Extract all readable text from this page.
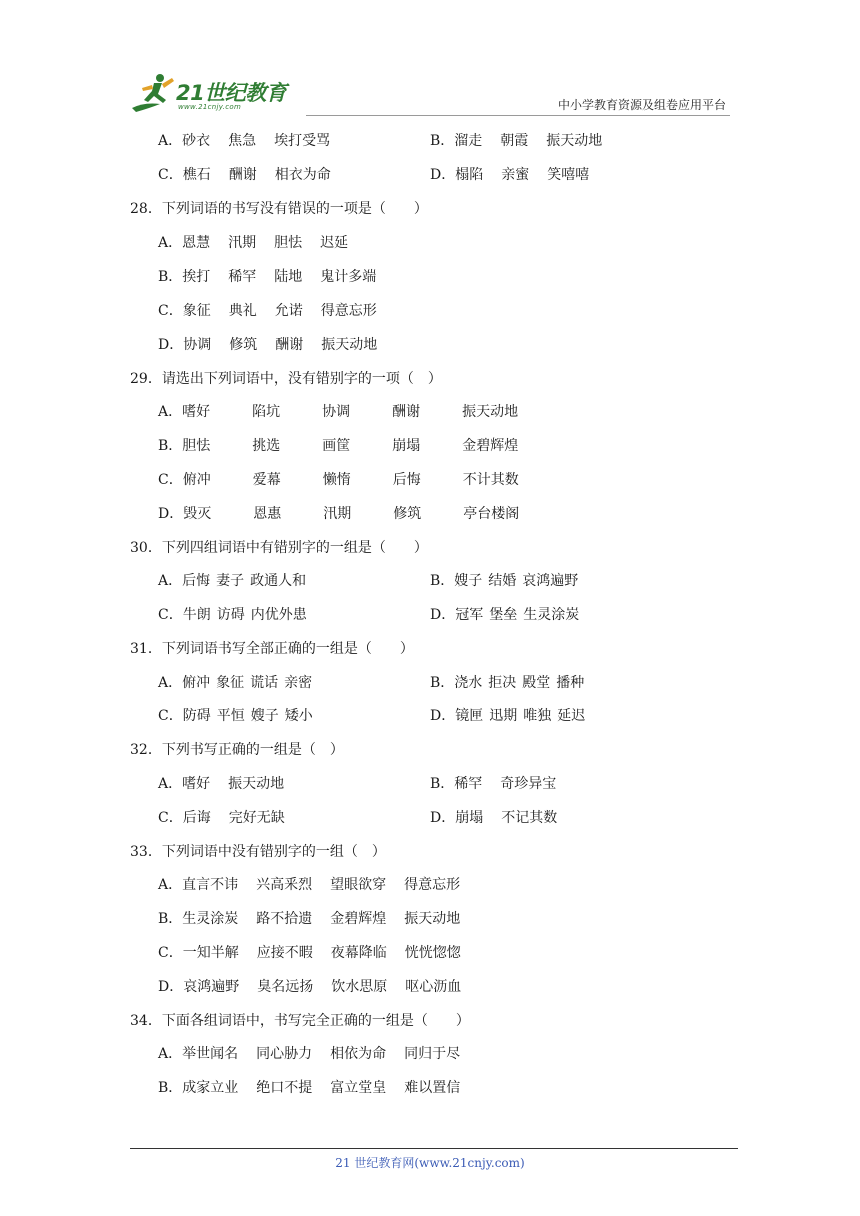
21世纪教育
www.21cnjy.com	中小学教育资源及组卷应用平台
A．砂衣 焦急 埃打受骂	B．溜走 朝霞 振天动地
C．樵石 酬谢 相衣为命	D．榻陷 亲蜜 笑嘻嘻
28．下列词语的书写没有错误的一项是（　　）
A．恩慧 汛期 胆怯 迟延
B．挨打 稀罕 陆地 鬼计多端
C．象征 典礼 允诺 得意忘形
D．协调 修筑 酬谢 振天动地
29．请选出下列词语中，没有错别字的一项（　）
A．嗜好	陷坑	协调	酬谢	振天动地
B．胆怯	挑选	画筐	崩塌	金碧辉煌
C．俯冲	爱幕	懒惰	后悔	不计其数
D．毁灭	恩惠	汛期	修筑	亭台楼阁
30．下列四组词语中有错别字的一组是（　　）
A．后悔 妻子 政通人和	B．嫂子 结婚 哀鸿遍野
C．牛朗 访碍 内优外患	D．冠军 堡垒 生灵涂炭
31．下列词语书写全部正确的一组是（　　）
A．俯冲 象征 谎话 亲密	B．浇水 拒决 殿堂 播种
C．防碍 平恒 嫂子 矮小	D．镜匣 迅期 唯独 延迟
32．下列书写正确的一组是（　）
A．嗜好 振天动地	B．稀罕 奇珍异宝
C．后诲 完好无缺	D．崩塌 不记其数
33．下列词语中没有错别字的一组（　）
A．直言不讳 兴高釆烈 望眼欲穿 得意忘形
B．生灵涂炭 路不拾遗 金碧辉煌 振天动地
C．一知半解 应接不暇 夜幕降临 恍恍惚惚
D．哀鸿遍野 臭名远扬 饮水思原 呕心沥血
34．下面各组词语中，书写完全正确的一组是（　　）
A．举世闻名 同心胁力 相依为命 同归于尽
B．成家立业 绝口不提 富立堂皇 难以置信
21 世纪教育网(www.21cnjy.com)
